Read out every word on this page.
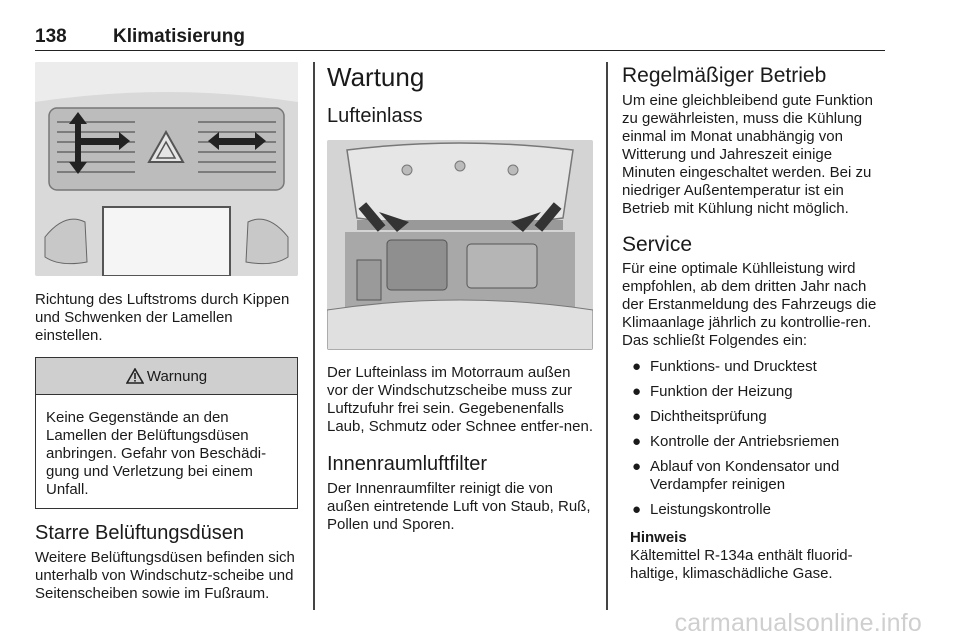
138 Klimatisierung

Richtung des Luftstroms durch Kippen und Schwenken der Lamellen einstellen.

Warnung
Keine Gegenstände an den Lamellen der Belüftungsdüsen anbringen. Gefahr von Beschädi-gung und Verletzung bei einem Unfall.
Starre Belüftungsdüsen

Weitere Belüftungsdüsen befinden sich unterhalb von Windschutz-scheibe und Seitenscheiben sowie im Fußraum.

Wartung
Lufteinlass

Der Lufteinlass im Motorraum außen vor der Windschutzscheibe muss zur Luftzufuhr frei sein. Gegebenenfalls Laub, Schmutz oder Schnee entfer-nen.

Innenraumluftfilter

Der Innenraumfilter reinigt die von außen eintretende Luft von Staub, Ruß, Pollen und Sporen.

Regelmäßiger Betrieb

Um eine gleichbleibend gute Funktion zu gewährleisten, muss die Kühlung einmal im Monat unabhängig von Witterung und Jahreszeit einige Minuten eingeschaltet werden. Bei zu niedriger Außentemperatur ist ein Betrieb mit Kühlung nicht möglich.

Service

Für eine optimale Kühlleistung wird empfohlen, ab dem dritten Jahr nach der Erstanmeldung des Fahrzeugs die Klimaanlage jährlich zu kontrollie-ren. Das schließt Folgendes ein:

● Funktions- und Drucktest
● Funktion der Heizung
● Dichtheitsprüfung
● Kontrolle der Antriebsriemen
● Ablauf von Kondensator und Verdampfer reinigen
● Leistungskontrolle
Hinweis

Kältemittel R-134a enthält fluorid-haltige, klimaschädliche Gase.

carmanualsonline.info
